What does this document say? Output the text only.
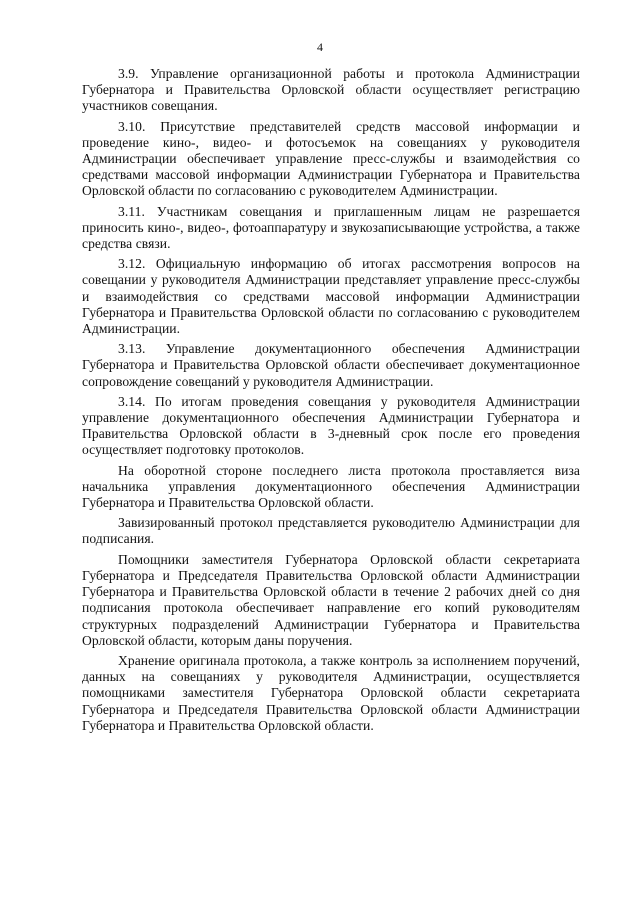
4

3.9. Управление организационной работы и протокола Администрации Губернатора и Правительства Орловской области осуществляет регистрацию участников совещания.

3.10. Присутствие представителей средств массовой информации и проведение кино-, видео- и фотосъемок на совещаниях у руководителя Администрации обеспечивает управление пресс-службы и взаимодействия со средствами массовой информации Администрации Губернатора и Правительства Орловской области по согласованию с руководителем Администрации.

3.11. Участникам совещания и приглашенным лицам не разрешается приносить кино-, видео-, фотоаппаратуру и звукозаписывающие устройства, а также средства связи.

3.12. Официальную информацию об итогах рассмотрения вопросов на совещании у руководителя Администрации представляет управление пресс-службы и взаимодействия со средствами массовой информации Администрации Губернатора и Правительства Орловской области по согласованию с руководителем Администрации.

3.13. Управление документационного обеспечения Администрации Губернатора и Правительства Орловской области обеспечивает документационное сопровождение совещаний у руководителя Администрации.

3.14. По итогам проведения совещания у руководителя Администрации управление документационного обеспечения Администрации Губернатора и Правительства Орловской области в 3-дневный срок после его проведения осуществляет подготовку протоколов.

На оборотной стороне последнего листа протокола проставляется виза начальника управления документационного обеспечения Администрации Губернатора и Правительства Орловской области.

Завизированный протокол представляется руководителю Администрации для подписания.

Помощники заместителя Губернатора Орловской области секретариата Губернатора и Председателя Правительства Орловской области Администрации Губернатора и Правительства Орловской области в течение 2 рабочих дней со дня подписания протокола обеспечивает направление его копий руководителям структурных подразделений Администрации Губернатора и Правительства Орловской области, которым даны поручения.

Хранение оригинала протокола, а также контроль за исполнением поручений, данных на совещаниях у руководителя Администрации, осуществляется помощниками заместителя Губернатора Орловской области секретариата Губернатора и Председателя Правительства Орловской области Администрации Губернатора и Правительства Орловской области.
